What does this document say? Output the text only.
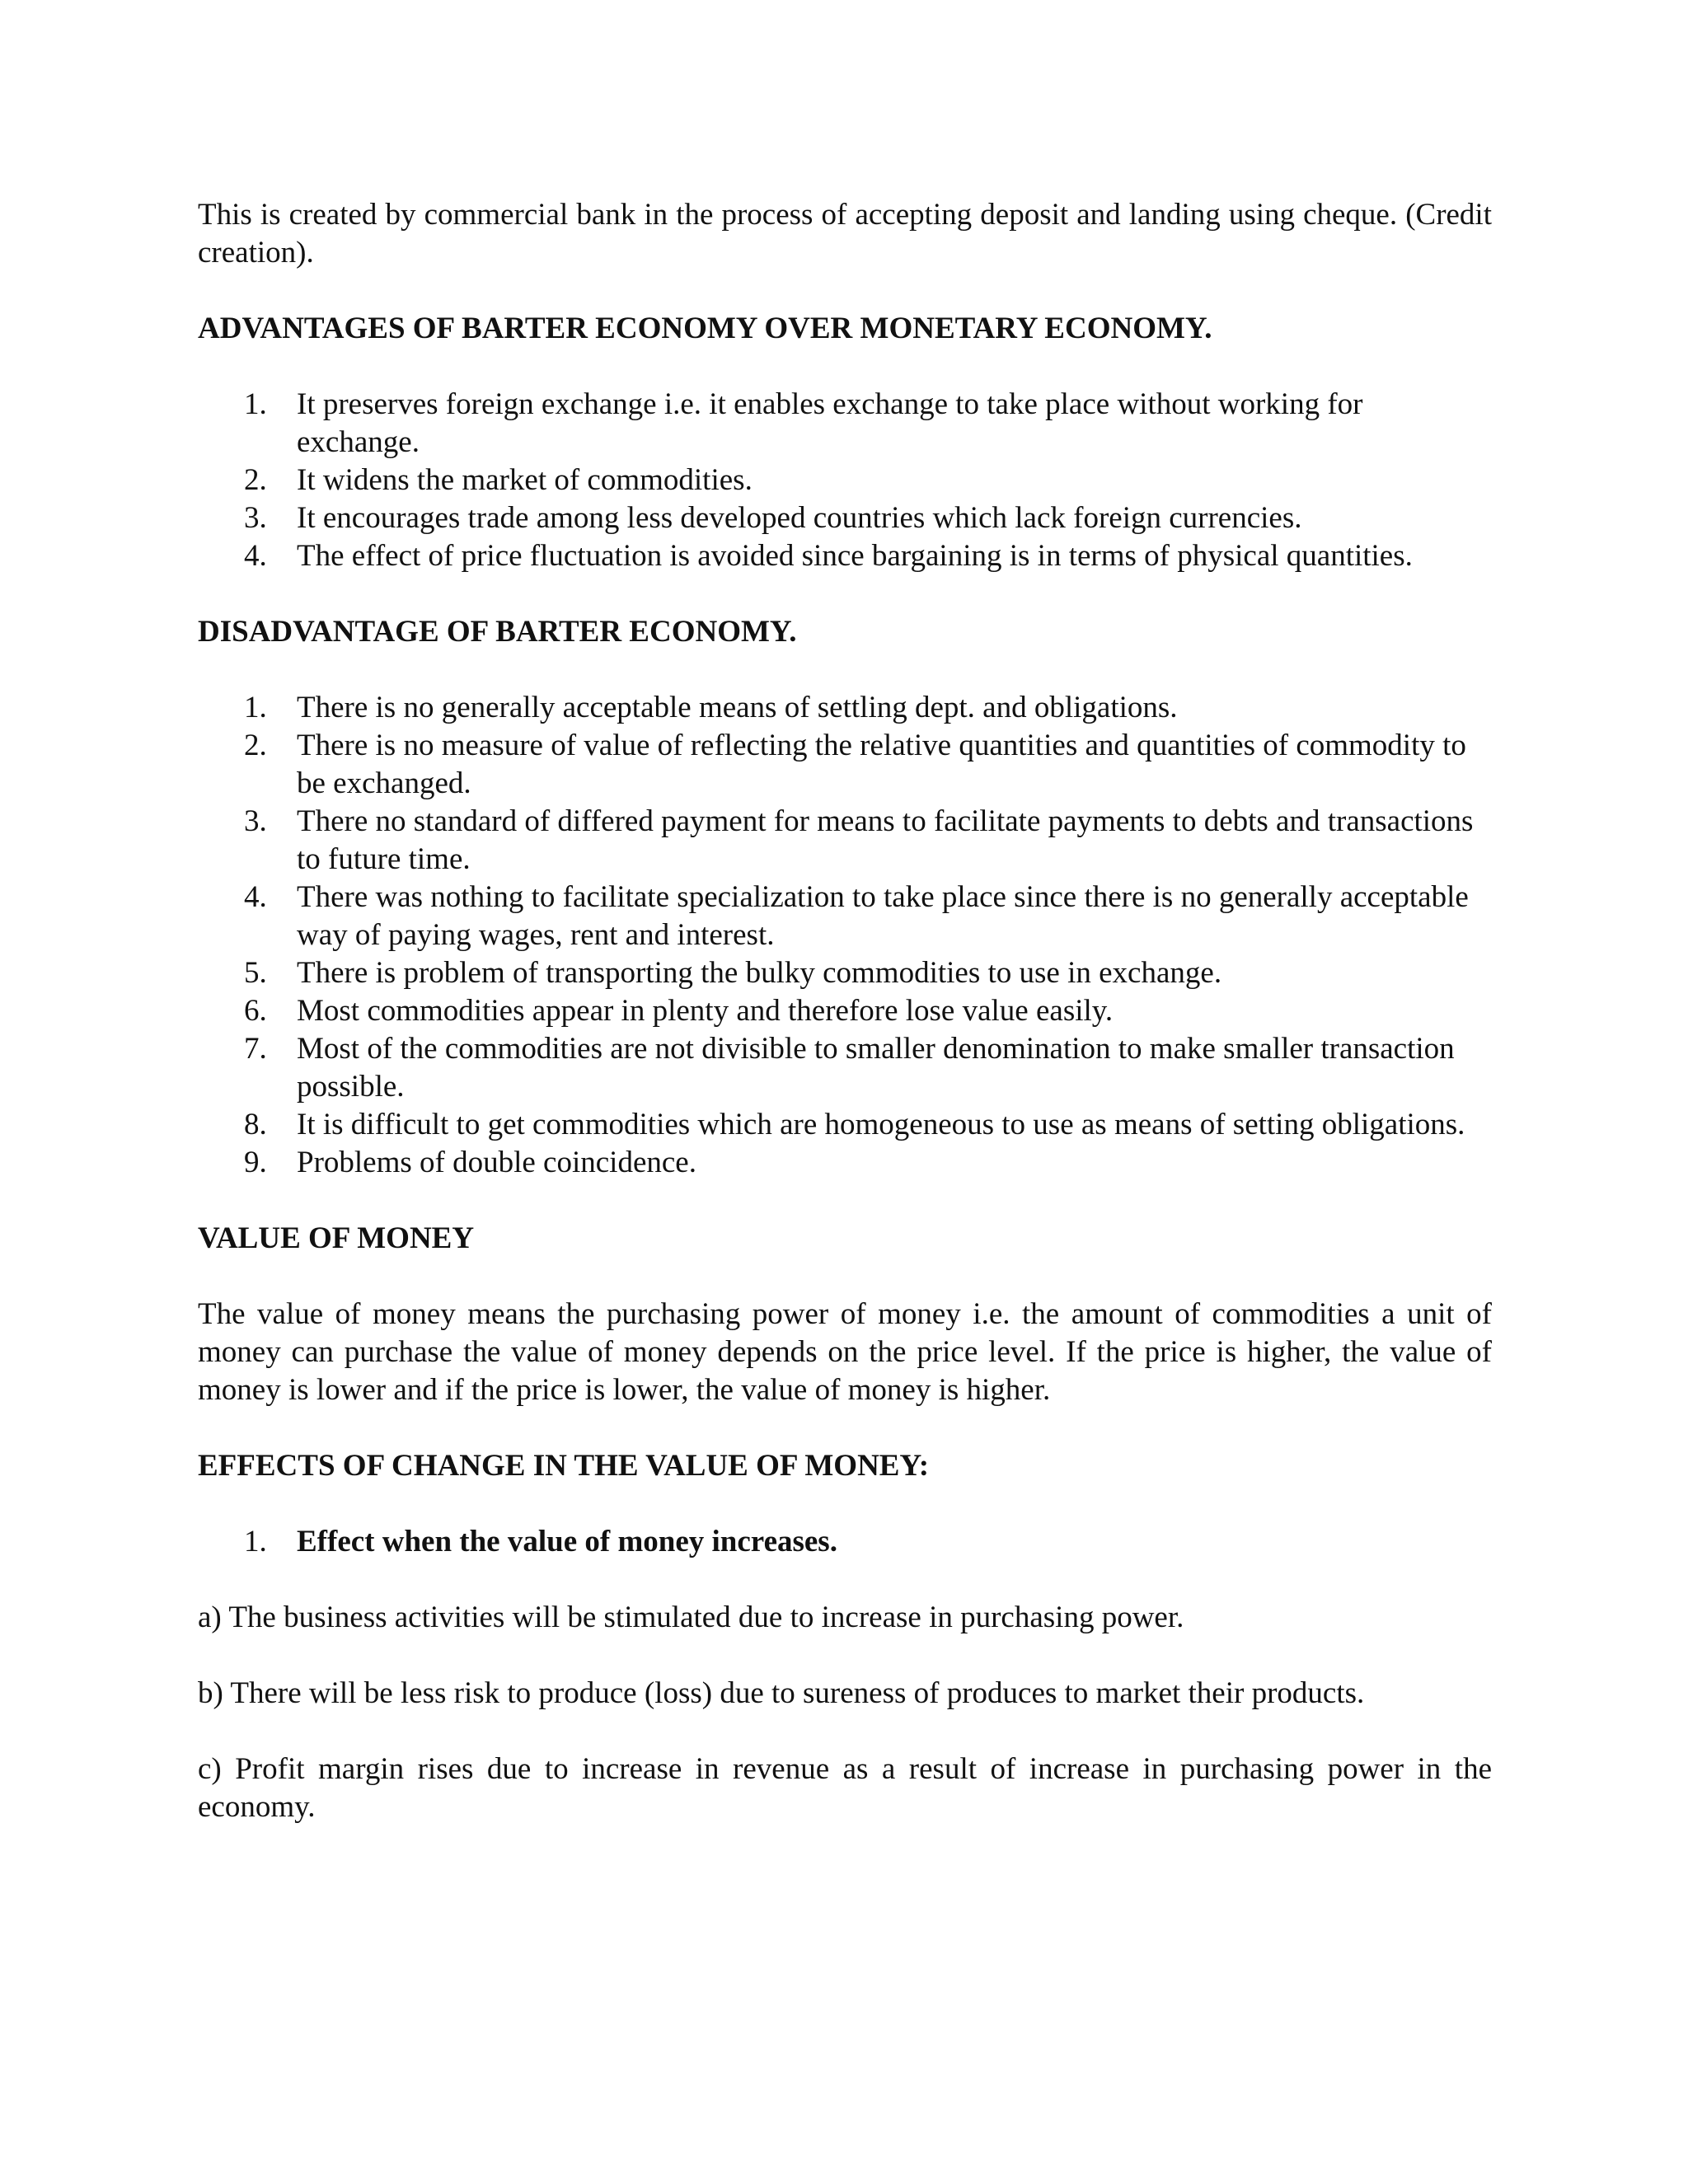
This is created by commercial bank in the process of accepting deposit and landing using cheque. (Credit creation).

ADVANTAGES OF BARTER ECONOMY OVER MONETARY ECONOMY.
1. It preserves foreign exchange i.e. it enables exchange to take place without working for exchange.
2. It widens the market of commodities.
3. It encourages trade among less developed countries which lack foreign currencies.
4. The effect of price fluctuation is avoided since bargaining is in terms of physical quantities.
DISADVANTAGE OF BARTER ECONOMY.
1. There is no generally acceptable means of settling dept. and obligations.
2. There is no measure of value of reflecting the relative quantities and quantities of commodity to be exchanged.
3. There no standard of differed payment for means to facilitate payments to debts and transactions to future time.
4. There was nothing to facilitate specialization to take place since there is no generally acceptable way of paying wages, rent and interest.
5. There is problem of transporting the bulky commodities to use in exchange.
6. Most commodities appear in plenty and therefore lose value easily.
7. Most of the commodities are not divisible to smaller denomination to make smaller transaction possible.
8. It is difficult to get commodities which are homogeneous to use as means of setting obligations.
9. Problems of double coincidence.
VALUE OF MONEY

The value of money means the purchasing power of money i.e. the amount of commodities a unit of money can purchase the value of money depends on the price level. If the price is higher, the value of money is lower and if the price is lower, the value of money is higher.

EFFECTS OF CHANGE IN THE VALUE OF MONEY:
1. Effect when the value of money increases.

a) The business activities will be stimulated due to increase in purchasing power.

b) There will be less risk to produce (loss) due to sureness of produces to market their products.

c) Profit margin rises due to increase in revenue as a result of increase in purchasing power in the economy.
